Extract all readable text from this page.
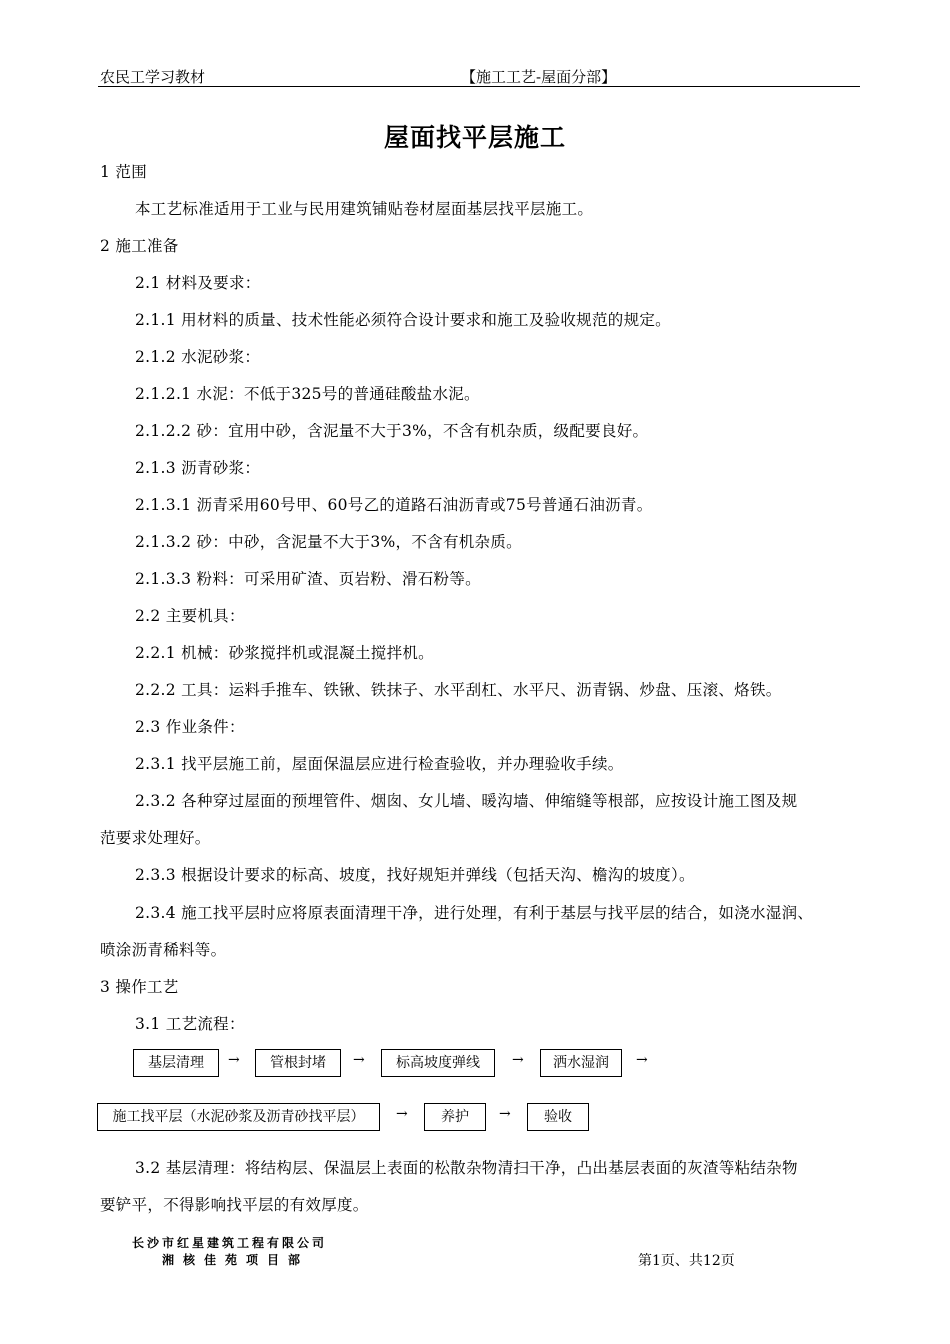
农民工学习教材	【施工工艺-屋面分部】
屋面找平层施工
1 范围
本工艺标准适用于工业与民用建筑铺贴卷材屋面基层找平层施工。
2 施工准备
2.1 材料及要求：
2.1.1 用材料的质量、技术性能必须符合设计要求和施工及验收规范的规定。
2.1.2 水泥砂浆：
2.1.2.1 水泥：不低于325号的普通硅酸盐水泥。
2.1.2.2 砂：宜用中砂，含泥量不大于3%，不含有机杂质，级配要良好。
2.1.3 沥青砂浆：
2.1.3.1 沥青采用60号甲、60号乙的道路石油沥青或75号普通石油沥青。
2.1.3.2 砂：中砂，含泥量不大于3%，不含有机杂质。
2.1.3.3 粉料：可采用矿渣、页岩粉、滑石粉等。
2.2 主要机具：
2.2.1 机械：砂浆搅拌机或混凝土搅拌机。
2.2.2 工具：运料手推车、铁锹、铁抹子、水平刮杠、水平尺、沥青锅、炒盘、压滚、烙铁。
2.3 作业条件：
2.3.1 找平层施工前，屋面保温层应进行检查验收，并办理验收手续。
2.3.2 各种穿过屋面的预埋管件、烟囱、女儿墙、暖沟墙、伸缩缝等根部，应按设计施工图及规
范要求处理好。
2.3.3 根据设计要求的标高、坡度，找好规矩并弹线（包括天沟、檐沟的坡度）。
2.3.4 施工找平层时应将原表面清理干净，进行处理，有利于基层与找平层的结合，如浇水湿润、
喷涂沥青稀料等。
3 操作工艺
3.1 工艺流程：
基层清理	→	管根封堵	→	标高坡度弹线	→	洒水湿润	→
施工找平层（水泥砂浆及沥青砂找平层）	→	养护	→	验收
3.2 基层清理：将结构层、保温层上表面的松散杂物清扫干净，凸出基层表面的灰渣等粘结杂物
要铲平，不得影响找平层的有效厚度。
长沙市红星建筑工程有限公司
湘核佳苑项目部	第1页、共12页
